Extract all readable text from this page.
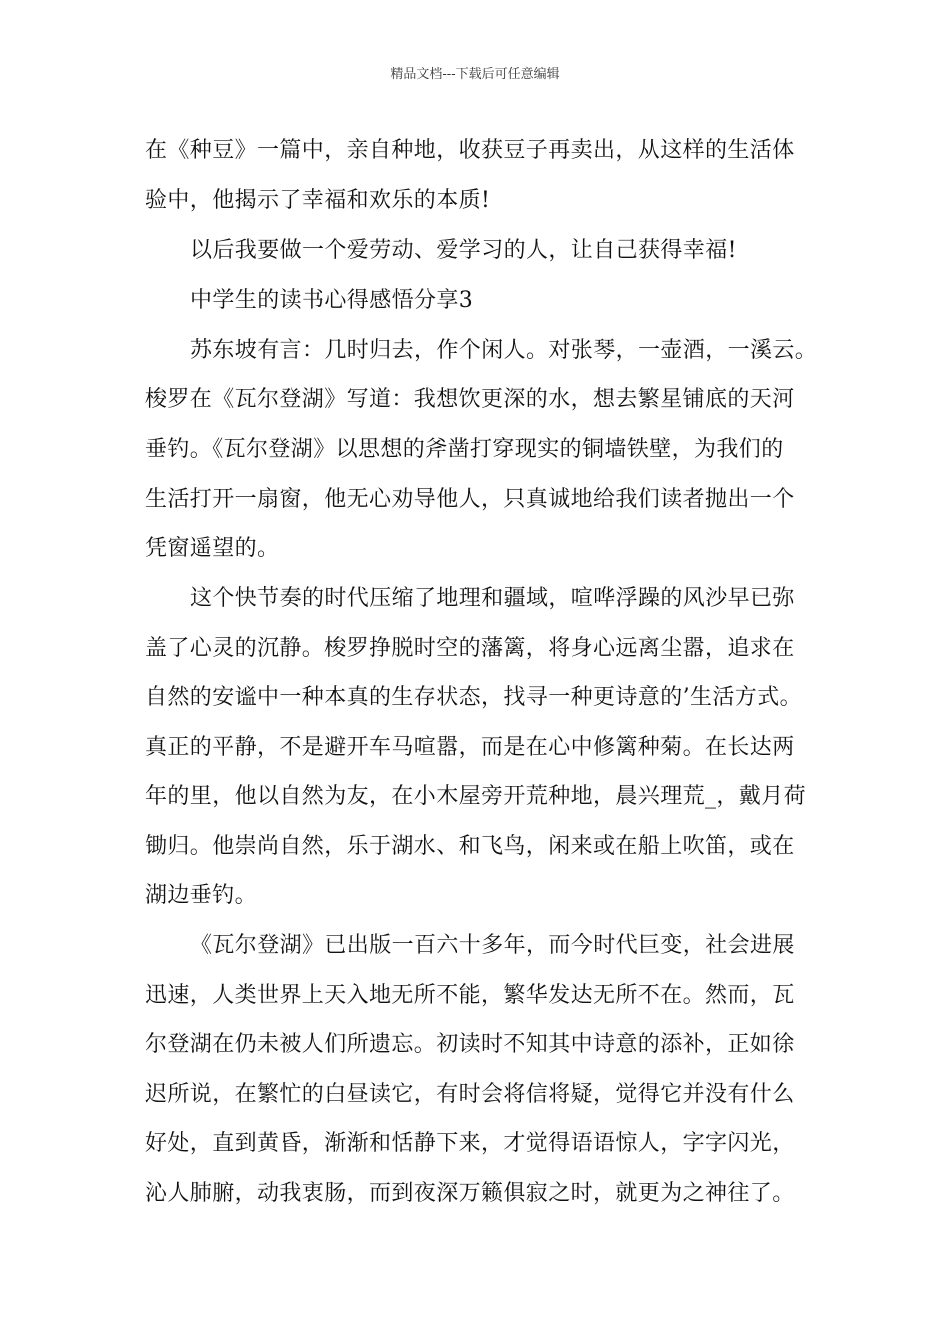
精品文档---下载后可任意编辑
在《种豆》一篇中，亲自种地，收获豆子再卖出，从这样的生活体
验中，他揭示了幸福和欢乐的本质!
以后我要做一个爱劳动、爱学习的人，让自己获得幸福!
中学生的读书心得感悟分享3
苏东坡有言：几时归去，作个闲人。对张琴，一壶酒，一溪云。
梭罗在《瓦尔登湖》写道：我想饮更深的水，想去繁星铺底的天河
垂钓。《瓦尔登湖》以思想的斧凿打穿现实的铜墙铁壁，为我们的
生活打开一扇窗，他无心劝导他人，只真诚地给我们读者抛出一个
凭窗遥望的。
这个快节奏的时代压缩了地理和疆域，喧哗浮躁的风沙早已弥
盖了心灵的沉静。梭罗挣脱时空的藩篱，将身心远离尘嚣，追求在
自然的安谧中一种本真的生存状态，找寻一种更诗意的’生活方式。
真正的平静，不是避开车马喧嚣，而是在心中修篱种菊。在长达两
年的里，他以自然为友，在小木屋旁开荒种地，晨兴理荒_，戴月荷
锄归。他崇尚自然，乐于湖水、和飞鸟，闲来或在船上吹笛，或在
湖边垂钓。
《瓦尔登湖》已出版一百六十多年，而今时代巨变，社会进展
迅速，人类世界上天入地无所不能，繁华发达无所不在。然而，瓦
尔登湖在仍未被人们所遗忘。初读时不知其中诗意的添补，正如徐
迟所说，在繁忙的白昼读它，有时会将信将疑，觉得它并没有什么
好处，直到黄昏，渐渐和恬静下来，才觉得语语惊人，字字闪光，
沁人肺腑，动我衷肠，而到夜深万籁俱寂之时，就更为之神往了。
